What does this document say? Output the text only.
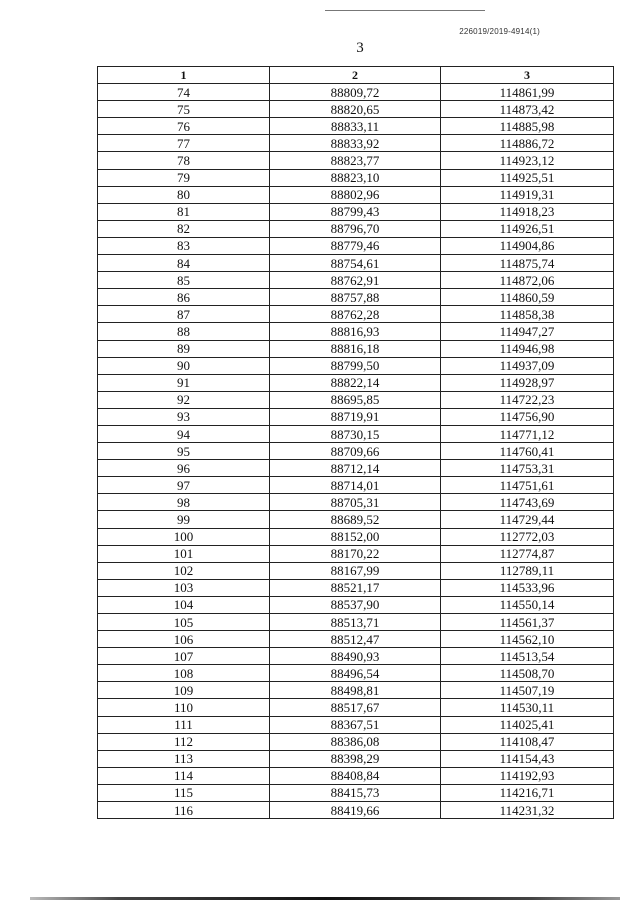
226019/2019-4914(1)
3
1	2	3
74	88809,72	114861,99
75	88820,65	114873,42
76	88833,11	114885,98
77	88833,92	114886,72
78	88823,77	114923,12
79	88823,10	114925,51
80	88802,96	114919,31
81	88799,43	114918,23
82	88796,70	114926,51
83	88779,46	114904,86
84	88754,61	114875,74
85	88762,91	114872,06
86	88757,88	114860,59
87	88762,28	114858,38
88	88816,93	114947,27
89	88816,18	114946,98
90	88799,50	114937,09
91	88822,14	114928,97
92	88695,85	114722,23
93	88719,91	114756,90
94	88730,15	114771,12
95	88709,66	114760,41
96	88712,14	114753,31
97	88714,01	114751,61
98	88705,31	114743,69
99	88689,52	114729,44
100	88152,00	112772,03
101	88170,22	112774,87
102	88167,99	112789,11
103	88521,17	114533,96
104	88537,90	114550,14
105	88513,71	114561,37
106	88512,47	114562,10
107	88490,93	114513,54
108	88496,54	114508,70
109	88498,81	114507,19
110	88517,67	114530,11
111	88367,51	114025,41
112	88386,08	114108,47
113	88398,29	114154,43
114	88408,84	114192,93
115	88415,73	114216,71
116	88419,66	114231,32
